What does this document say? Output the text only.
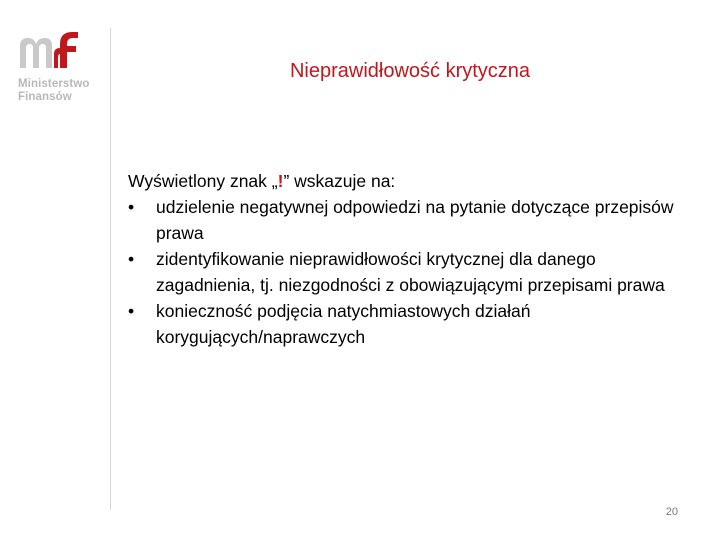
Ministerstwo
Finansów
Nieprawidłowość krytyczna
Wyświetlony znak „!” wskazuje na:
• udzielenie negatywnej odpowiedzi na pytanie dotyczące przepisów prawa
• zidentyfikowanie nieprawidłowości krytycznej dla danego zagadnienia, tj. niezgodności z obowiązującymi przepisami prawa
• konieczność podjęcia natychmiastowych działań korygujących/naprawczych
20
